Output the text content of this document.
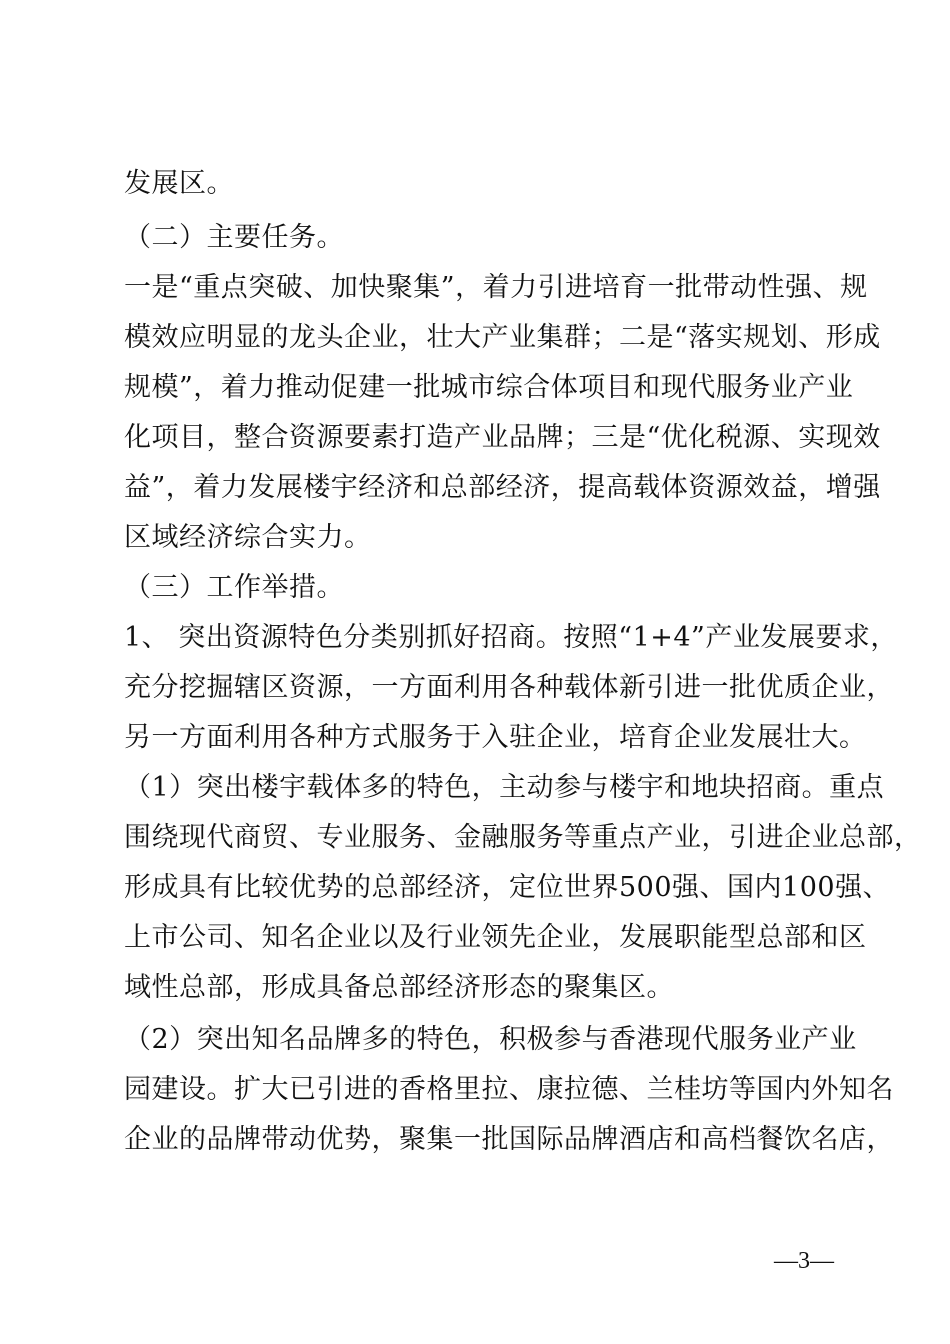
发展区。
（二）主要任务。
一是“重点突破、加快聚集”，着力引进培育一批带动性强、规
模效应明显的龙头企业，壮大产业集群；二是“落实规划、形成
规模”，着力推动促建一批城市综合体项目和现代服务业产业
化项目，整合资源要素打造产业品牌；三是“优化税源、实现效
益”，着力发展楼宇经济和总部经济，提高载体资源效益，增强
区域经济综合实力。
（三）工作举措。
1、 突出资源特色分类别抓好招商。按照“1+4”产业发展要求，
充分挖掘辖区资源，一方面利用各种载体新引进一批优质企业，
另一方面利用各种方式服务于入驻企业，培育企业发展壮大。
（1）突出楼宇载体多的特色，主动参与楼宇和地块招商。重点
围绕现代商贸、专业服务、金融服务等重点产业，引进企业总部，
形成具有比较优势的总部经济，定位世界500强、国内100强、
上市公司、知名企业以及行业领先企业，发展职能型总部和区
域性总部，形成具备总部经济形态的聚集区。
（2）突出知名品牌多的特色，积极参与香港现代服务业产业
园建设。扩大已引进的香格里拉、康拉德、兰桂坊等国内外知名
企业的品牌带动优势，聚集一批国际品牌酒店和高档餐饮名店，
—3—
